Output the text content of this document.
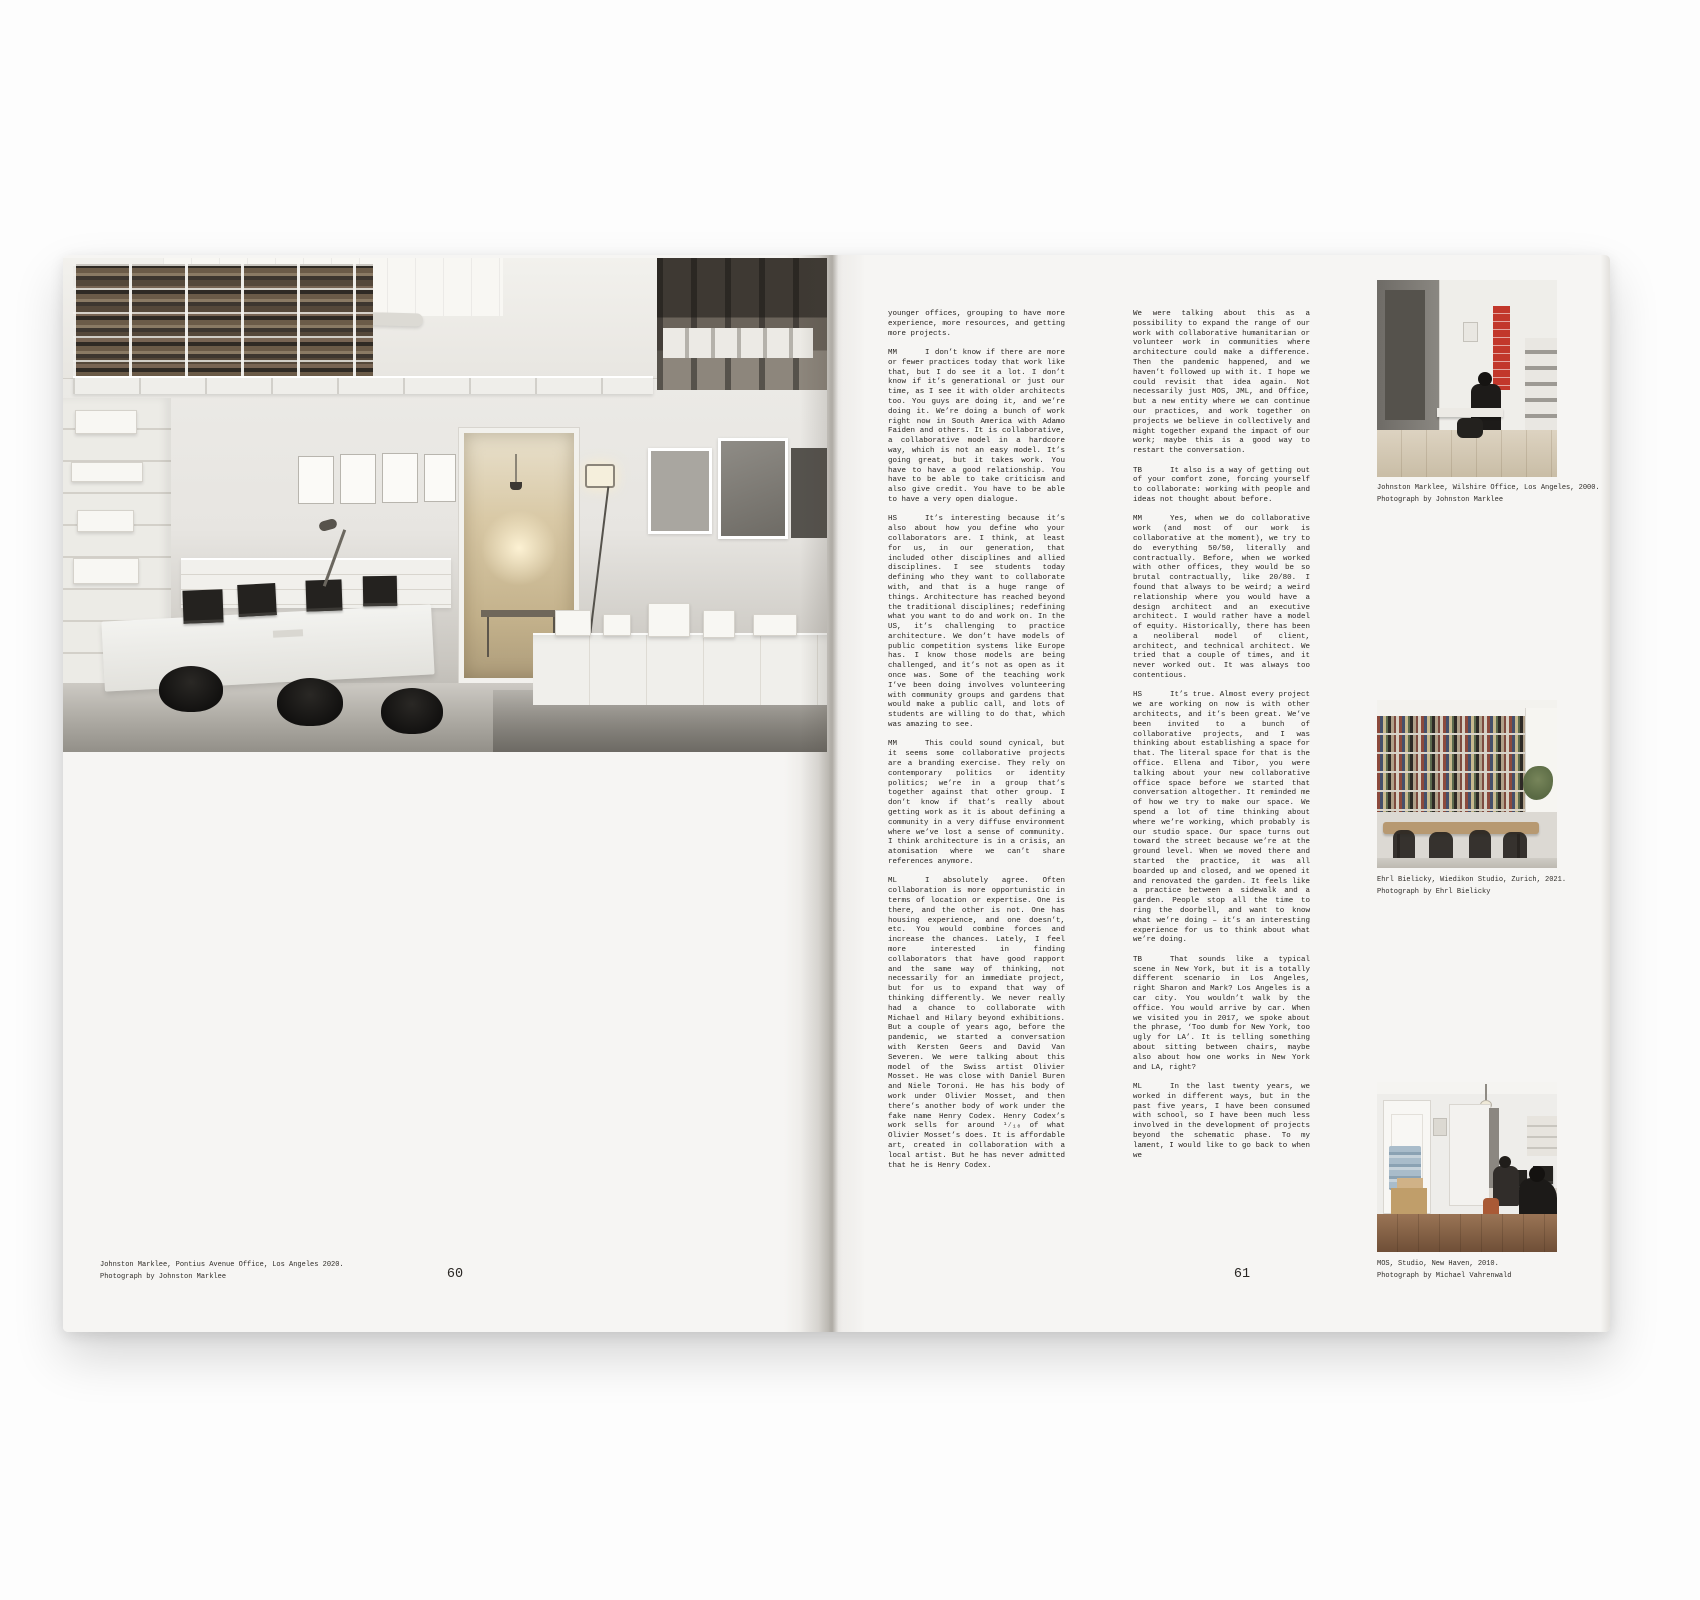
Johnston Marklee, Pontius Avenue Office, Los Angeles 2020.
Photograph by Johnston Marklee	60

younger offices, grouping to have more experience, more resources, and getting more projects.

MM	I don’t know if there are more or fewer practices today that work like that, but I do see it a lot. I don’t know if it’s generational or just our time, as I see it with older architects too. You guys are doing it, and we’re doing it. We’re doing a bunch of work right now in South America with Adamo Faiden and others. It is collaborative, a collaborative model in a hardcore way, which is not an easy model. It’s going great, but it takes work. You have to have a good relationship. You have to be able to take criticism and also give credit. You have to be able to have a very open dialogue.

HS	It’s interesting because it’s also about how you define who your collaborators are. I think, at least for us, in our generation, that included other disciplines and allied disciplines. I see students today defining who they want to collaborate with, and that is a huge range of things. Architecture has reached beyond the traditional disciplines; redefining what you want to do and work on. In the US, it’s challenging to practice architecture. We don’t have models of public competition systems like Europe has. I know those models are being challenged, and it’s not as open as it once was. Some of the teaching work I’ve been doing involves volunteering with community groups and gardens that would make a public call, and lots of students are willing to do that, which was amazing to see.

MM	This could sound cynical, but it seems some collaborative projects are a branding exercise. They rely on contemporary politics or identity politics; we’re in a group that’s together against that other group. I don’t know if that’s really about getting work as it is about defining a community in a very diffuse environment where we’ve lost a sense of community. I think architecture is in a crisis, an atomisation where we can’t share references anymore.

ML	I absolutely agree. Often collaboration is more opportunistic in terms of location or expertise. One is there, and the other is not. One has housing experience, and one doesn’t, etc. You would combine forces and increase the chances. Lately, I feel more interested in finding collaborators that have good rapport and the same way of thinking, not necessarily for an immediate project, but for us to expand that way of thinking differently. We never really had a chance to collaborate with Michael and Hilary beyond exhibitions. But a couple of years ago, before the pandemic, we started a conversation with Kersten Geers and David Van Severen. We were talking about this model of the Swiss artist Olivier Mosset. He was close with Daniel Buren and Niele Toroni. He has his body of work under Olivier Mosset, and then there’s another body of work under the fake name Henry Codex. Henry Codex’s work sells for around ¹⁄₁₀ of what Olivier Mosset’s does. It is affordable art, created in collaboration with a local artist. But he has never admitted that he is Henry Codex.

We were talking about this as a possibility to expand the range of our work with collaborative humanitarian or volunteer work in communities where architecture could make a difference. Then the pandemic happened, and we haven’t followed up with it. I hope we could revisit that idea again. Not necessarily just MOS, JML, and Office, but a new entity where we can continue our practices, and work together on projects we believe in collectively and might together expand the impact of our work; maybe this is a good way to restart the conversation.

TB	It also is a way of getting out of your comfort zone, forcing yourself to collaborate: working with people and ideas not thought about before.

MM	Yes, when we do collaborative work (and most of our work is collaborative at the moment), we try to do everything 50/50, literally and contractually. Before, when we worked with other offices, they would be so brutal contractually, like 20/80. I found that always to be weird; a weird relationship where you would have a design architect and an executive architect. I would rather have a model of equity. Historically, there has been a neoliberal model of client, architect, and technical architect. We tried that a couple of times, and it never worked out. It was always too contentious.

HS	It’s true. Almost every project we are working on now is with other architects, and it’s been great. We’ve been invited to a bunch of collaborative projects, and I was thinking about establishing a space for that. The literal space for that is the office. Ellena and Tibor, you were talking about your new collaborative office space before we started that conversation altogether. It reminded me of how we try to make our space. We spend a lot of time thinking about where we’re working, which probably is our studio space. Our space turns out toward the street because we’re at the ground level. When we moved there and started the practice, it was all boarded up and closed, and we opened it and renovated the garden. It feels like a practice between a sidewalk and a garden. People stop all the time to ring the doorbell, and want to know what we’re doing – it’s an interesting experience for us to think about what we’re doing.

TB	That sounds like a typical scene in New York, but it is a totally different scenario in Los Angeles, right Sharon and Mark? Los Angeles is a car city. You wouldn’t walk by the office. You would arrive by car. When we visited you in 2017, we spoke about the phrase, ‘Too dumb for New York, too ugly for LA’. It is telling something about sitting between chairs, maybe also about how one works in New York and LA, right?

ML	In the last twenty years, we worked in different ways, but in the past five years, I have been consumed with school, so I have been much less involved in the development of projects beyond the schematic phase. To my lament, I would like to go back to when we

Johnston Marklee, Wilshire Office, Los Angeles, 2000.
Photograph by Johnston Marklee
Ehrl Bielicky, Wiedikon Studio, Zurich, 2021.
Photograph by Ehrl Bielicky
MOS, Studio, New Haven, 2010.
Photograph by Michael Vahrenwald
61
